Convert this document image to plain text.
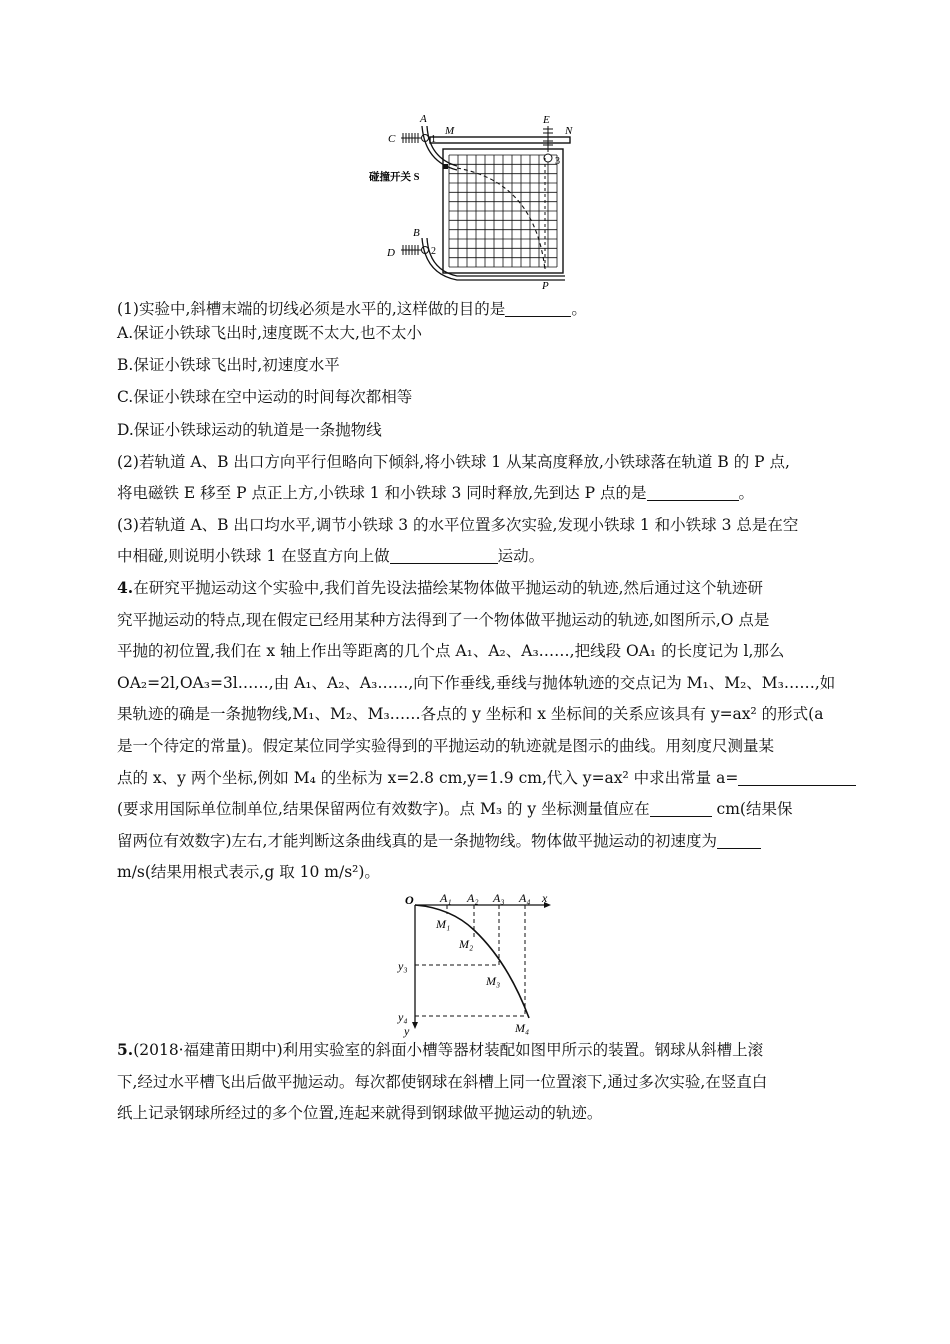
A
C	1
M
E
N
3
碰撞开关 S
B
D	2
P
(1)实验中,斜槽末端的切线必须是水平的,这样做的目的是	。
A.保证小铁球飞出时,速度既不太大,也不太小
B.保证小铁球飞出时,初速度水平
C.保证小铁球在空中运动的时间每次都相等
D.保证小铁球运动的轨道是一条抛物线
(2)若轨道 A、B 出口方向平行但略向下倾斜,将小铁球 1 从某高度释放,小铁球落在轨道 B 的 P 点,
将电磁铁 E 移至 P 点正上方,小铁球 1 和小铁球 3 同时释放,先到达 P 点的是	。
(3)若轨道 A、B 出口均水平,调节小铁球 3 的水平位置多次实验,发现小铁球 1 和小铁球 3 总是在空
中相碰,则说明小铁球 1 在竖直方向上做	运动。
4.在研究平抛运动这个实验中,我们首先设法描绘某物体做平抛运动的轨迹,然后通过这个轨迹研
究平抛运动的特点,现在假定已经用某种方法得到了一个物体做平抛运动的轨迹,如图所示,O 点是
平抛的初位置,我们在 x 轴上作出等距离的几个点 A₁、A₂、A₃……,把线段 OA₁ 的长度记为 l,那么
OA₂=2l,OA₃=3l……,由 A₁、A₂、A₃……,向下作垂线,垂线与抛体轨迹的交点记为 M₁、M₂、M₃……,如
果轨迹的确是一条抛物线,M₁、M₂、M₃……各点的 y 坐标和 x 坐标间的关系应该具有 y=ax² 的形式(a
是一个待定的常量)。假定某位同学实验得到的平抛运动的轨迹就是图示的曲线。用刻度尺测量某
点的 x、y 两个坐标,例如 M₄ 的坐标为 x=2.8 cm,y=1.9 cm,代入 y=ax² 中求出常量 a=
(要求用国际单位制单位,结果保留两位有效数字)。点 M₃ 的 y 坐标测量值应在	cm(结果保
留两位有效数字)左右,才能判断这条曲线真的是一条抛物线。物体做平抛运动的初速度为
m/s(结果用根式表示,g 取 10 m/s²)。
O A₁ A₂ A₃ A₄ x
M₁
M₂
M₃
M₄
y₃
y₄
y
5.(2018·福建莆田期中)利用实验室的斜面小槽等器材装配如图甲所示的装置。钢球从斜槽上滚
下,经过水平槽飞出后做平抛运动。每次都使钢球在斜槽上同一位置滚下,通过多次实验,在竖直白
纸上记录钢球所经过的多个位置,连起来就得到钢球做平抛运动的轨迹。
